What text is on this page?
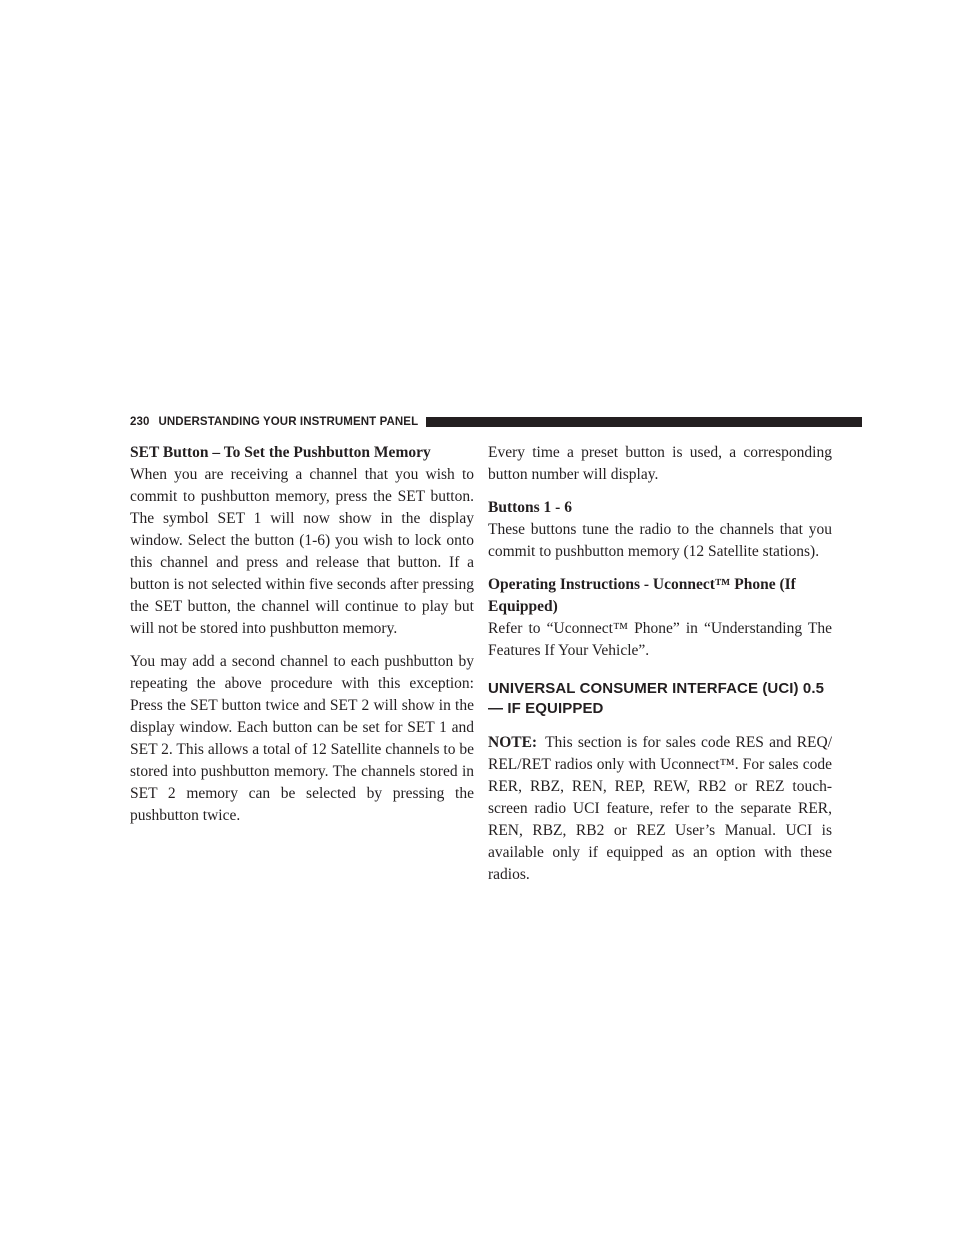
230 UNDERSTANDING YOUR INSTRUMENT PANEL
SET Button – To Set the Pushbutton Memory

When you are receiving a channel that you wish to commit to pushbutton memory, press the SET button. The symbol SET 1 will now show in the display window. Select the button (1-6) you wish to lock onto this channel and press and release that button. If a button is not selected within five seconds after pressing the SET button, the channel will continue to play but will not be stored into pushbutton memory.

You may add a second channel to each pushbutton by repeating the above procedure with this exception: Press the SET button twice and SET 2 will show in the display window. Each button can be set for SET 1 and SET 2. This allows a total of 12 Satellite channels to be stored into pushbutton memory. The channels stored in SET 2 memory can be selected by pressing the pushbutton twice.

Every time a preset button is used, a corresponding button number will display.

Buttons 1 - 6

These buttons tune the radio to the channels that you commit to pushbutton memory (12 Satellite stations).

Operating Instructions - Uconnect™ Phone (If Equipped)

Refer to “Uconnect™ Phone” in “Understanding The Features If Your Vehicle”.

UNIVERSAL CONSUMER INTERFACE (UCI) 0.5 — IF EQUIPPED

NOTE: This section is for sales code RES and REQ/ REL/RET radios only with Uconnect™. For sales code RER, RBZ, REN, REP, REW, RB2 or REZ touch-screen radio UCI feature, refer to the separate RER, REN, RBZ, RB2 or REZ User’s Manual. UCI is available only if equipped as an option with these radios.
